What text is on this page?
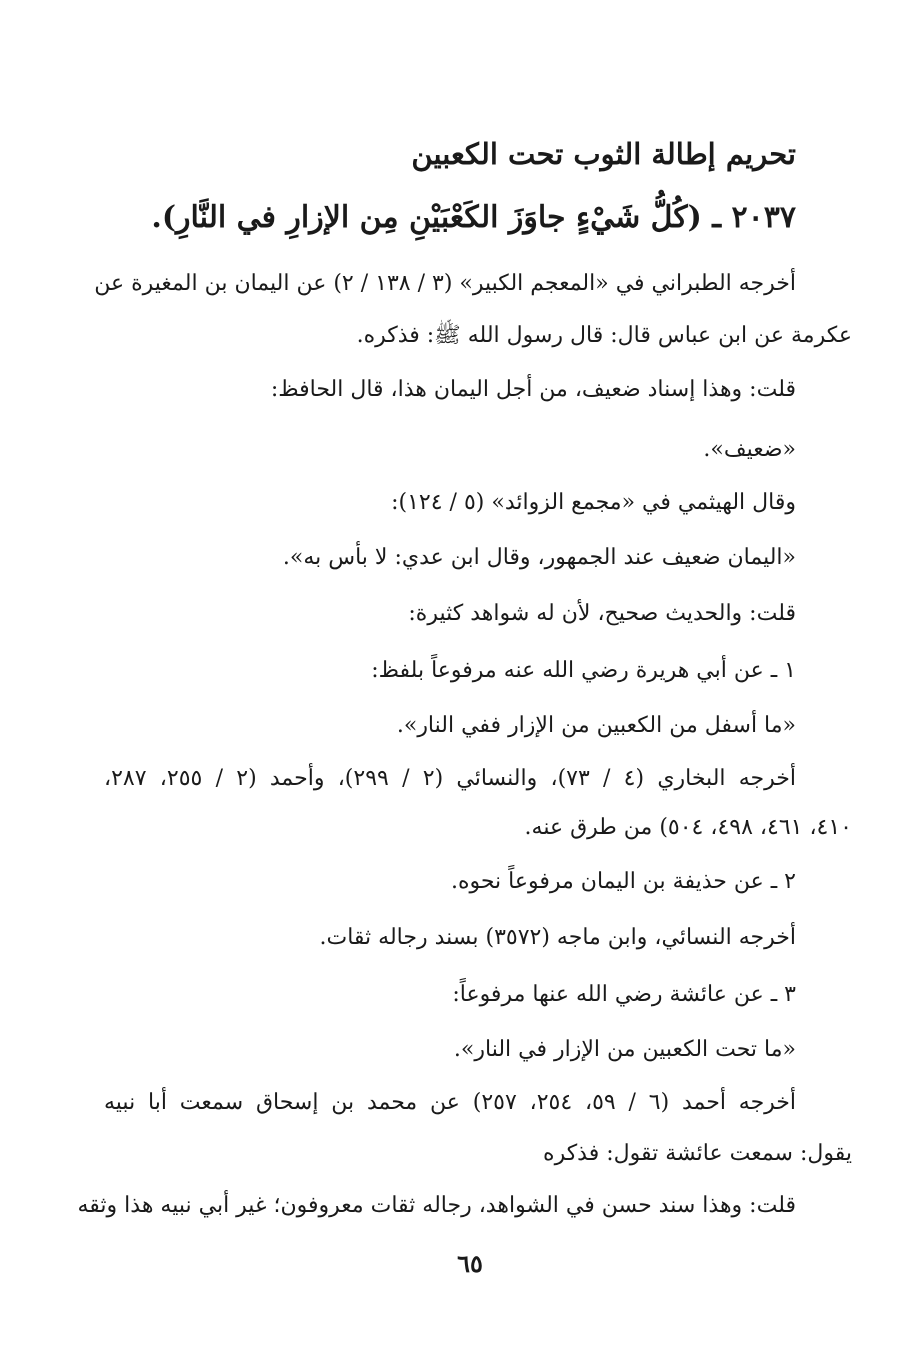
تحريم إطالة الثوب تحت الكعبين
٢٠٣٧ ـ (كُلُّ شَيْءٍ جاوَزَ الكَعْبَيْنِ مِن الإزارِ في النَّارِ).
أخرجه الطبراني في «المعجم الكبير» (٣ / ١٣٨ / ٢) عن اليمان بن المغيرة عن
عكرمة عن ابن عباس قال: قال رسول الله ﷺ: فذكره.
قلت: وهذا إسناد ضعيف، من أجل اليمان هذا، قال الحافظ:
«ضعيف».
وقال الهيثمي في «مجمع الزوائد» (٥ / ١٢٤):
«اليمان ضعيف عند الجمهور، وقال ابن عدي: لا بأس به».
قلت: والحديث صحيح، لأن له شواهد كثيرة:
١ ـ عن أبي هريرة رضي الله عنه مرفوعاً بلفظ:
«ما أسفل من الكعبين من الإزار ففي النار».
أخرجه البخاري (٤ / ٧٣)، والنسائي (٢ / ٢٩٩)، وأحمد (٢ / ٢٥٥، ٢٨٧،
٤١٠، ٤٦١، ٤٩٨، ٥٠٤) من طرق عنه.
٢ ـ عن حذيفة بن اليمان مرفوعاً نحوه.
أخرجه النسائي، وابن ماجه (٣٥٧٢) بسند رجاله ثقات.
٣ ـ عن عائشة رضي الله عنها مرفوعاً:
«ما تحت الكعبين من الإزار في النار».
أخرجه أحمد (٦ / ٥٩، ٢٥٤، ٢٥٧) عن محمد بن إسحاق سمعت أبا نبيه
يقول: سمعت عائشة تقول: فذكره
قلت: وهذا سند حسن في الشواهد، رجاله ثقات معروفون؛ غير أبي نبيه هذا وثقه
٦٥
